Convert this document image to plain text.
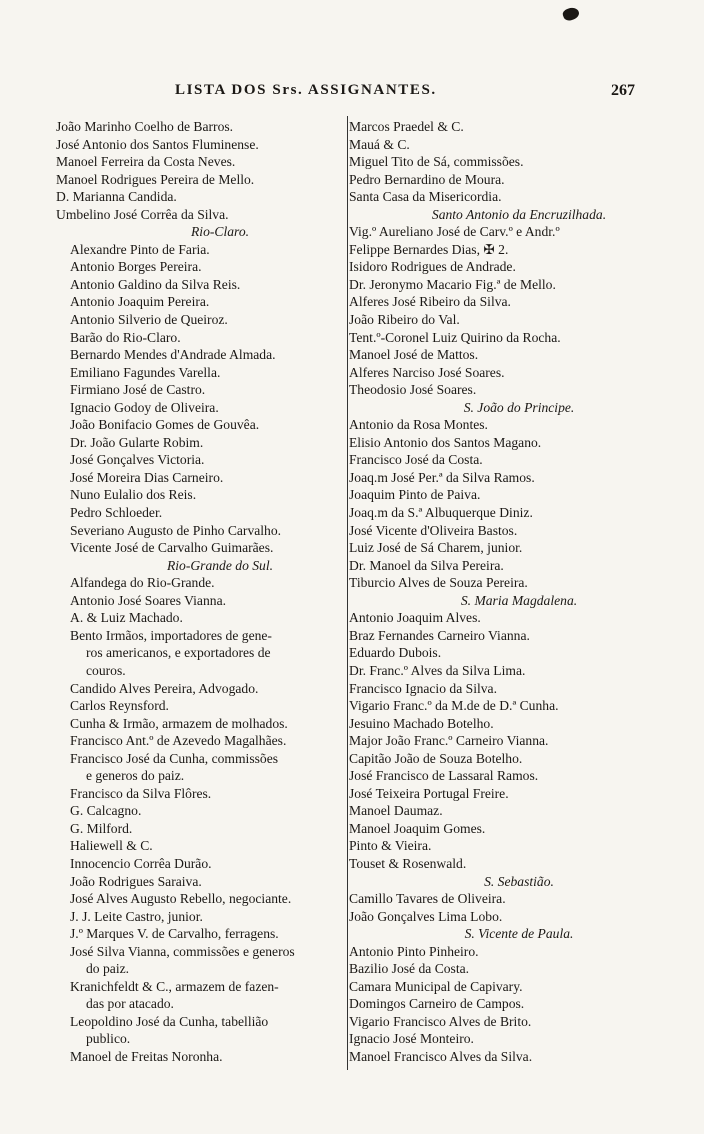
LISTA DOS Srs. ASSIGNANTES.	267
João Marinho Coelho de Barros.
José Antonio dos Santos Fluminense.
Manoel Ferreira da Costa Neves.
Manoel Rodrigues Pereira de Mello.
D. Marianna Candida.
Umbelino José Corrêa da Silva.
Rio-Claro.
Alexandre Pinto de Faria.
Antonio Borges Pereira.
Antonio Galdino da Silva Reis.
Antonio Joaquim Pereira.
Antonio Silverio de Queiroz.
Barão do Rio-Claro.
Bernardo Mendes d'Andrade Almada.
Emiliano Fagundes Varella.
Firmiano José de Castro.
Ignacio Godoy de Oliveira.
João Bonifacio Gomes de Gouvêa.
Dr. João Gularte Robim.
José Gonçalves Victoria.
José Moreira Dias Carneiro.
Nuno Eulalio dos Reis.
Pedro Schloeder.
Severiano Augusto de Pinho Carvalho.
Vicente José de Carvalho Guimarães.
Rio-Grande do Sul.
Alfandega do Rio-Grande.
Antonio José Soares Vianna.
A. & Luiz Machado.
Bento Irmãos, importadores de gene-
ros americanos, e exportadores de
couros.
Candido Alves Pereira, Advogado.
Carlos Reynsford.
Cunha & Irmão, armazem de molhados.
Francisco Ant.º de Azevedo Magalhães.
Francisco José da Cunha, commissões
e generos do paiz.
Francisco da Silva Flôres.
G. Calcagno.
G. Milford.
Haliewell & C.
Innocencio Corrêa Durão.
João Rodrigues Saraiva.
José Alves Augusto Rebello, negociante.
J. J. Leite Castro, junior.
J.º Marques V. de Carvalho, ferragens.
José Silva Vianna, commissões e generos
do paiz.
Kranichfeldt & C., armazem de fazen-
das por atacado.
Leopoldino José da Cunha, tabellião
publico.
Manoel de Freitas Noronha.
Marcos Praedel & C.
Mauá & C.
Miguel Tito de Sá, commissões.
Pedro Bernardino de Moura.
Santa Casa da Misericordia.
Santo Antonio da Encruzilhada.
Vig.º Aureliano José de Carv.º e Andr.º
Felippe Bernardes Dias, ✠ 2.
Isidoro Rodrigues de Andrade.
Dr. Jeronymo Macario Fig.ª de Mello.
Alferes José Ribeiro da Silva.
João Ribeiro do Val.
Tent.º-Coronel Luiz Quirino da Rocha.
Manoel José de Mattos.
Alferes Narciso José Soares.
Theodosio José Soares.
S. João do Principe.
Antonio da Rosa Montes.
Elisio Antonio dos Santos Magano.
Francisco José da Costa.
Joaq.m José Per.ª da Silva Ramos.
Joaquim Pinto de Paiva.
Joaq.m da S.ª Albuquerque Diniz.
José Vicente d'Oliveira Bastos.
Luiz José de Sá Charem, junior.
Dr. Manoel da Silva Pereira.
Tiburcio Alves de Souza Pereira.
S. Maria Magdalena.
Antonio Joaquim Alves.
Braz Fernandes Carneiro Vianna.
Eduardo Dubois.
Dr. Franc.º Alves da Silva Lima.
Francisco Ignacio da Silva.
Vigario Franc.º da M.de de D.ª Cunha.
Jesuino Machado Botelho.
Major João Franc.º Carneiro Vianna.
Capitão João de Souza Botelho.
José Francisco de Lassaral Ramos.
José Teixeira Portugal Freire.
Manoel Daumaz.
Manoel Joaquim Gomes.
Pinto & Vieira.
Touset & Rosenwald.
S. Sebastião.
Camillo Tavares de Oliveira.
João Gonçalves Lima Lobo.
S. Vicente de Paula.
Antonio Pinto Pinheiro.
Bazilio José da Costa.
Camara Municipal de Capivary.
Domingos Carneiro de Campos.
Vigario Francisco Alves de Brito.
Ignacio José Monteiro.
Manoel Francisco Alves da Silva.
